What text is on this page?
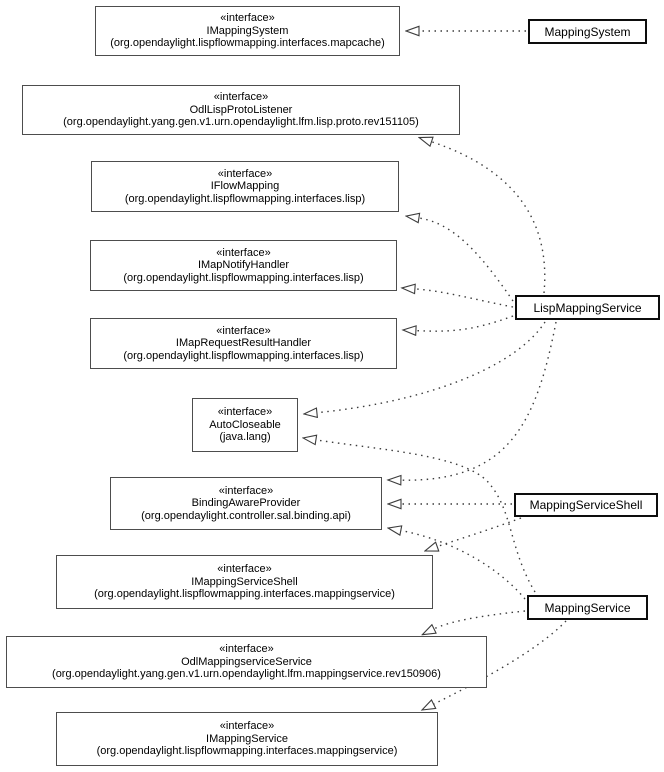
«interface»
IMappingSystem
(org.opendaylight.lispflowmapping.interfaces.mapcache)
«interface»
OdlLispProtoListener
(org.opendaylight.yang.gen.v1.urn.opendaylight.lfm.lisp.proto.rev151105)
«interface»
IFlowMapping
(org.opendaylight.lispflowmapping.interfaces.lisp)
«interface»
IMapNotifyHandler
(org.opendaylight.lispflowmapping.interfaces.lisp)
«interface»
IMapRequestResultHandler
(org.opendaylight.lispflowmapping.interfaces.lisp)
«interface»
AutoCloseable
(java.lang)
«interface»
BindingAwareProvider
(org.opendaylight.controller.sal.binding.api)
«interface»
IMappingServiceShell
(org.opendaylight.lispflowmapping.interfaces.mappingservice)
«interface»
OdlMappingserviceService
(org.opendaylight.yang.gen.v1.urn.opendaylight.lfm.mappingservice.rev150906)
«interface»
IMappingService
(org.opendaylight.lispflowmapping.interfaces.mappingservice)
MappingSystem
LispMappingService
MappingServiceShell
MappingService
